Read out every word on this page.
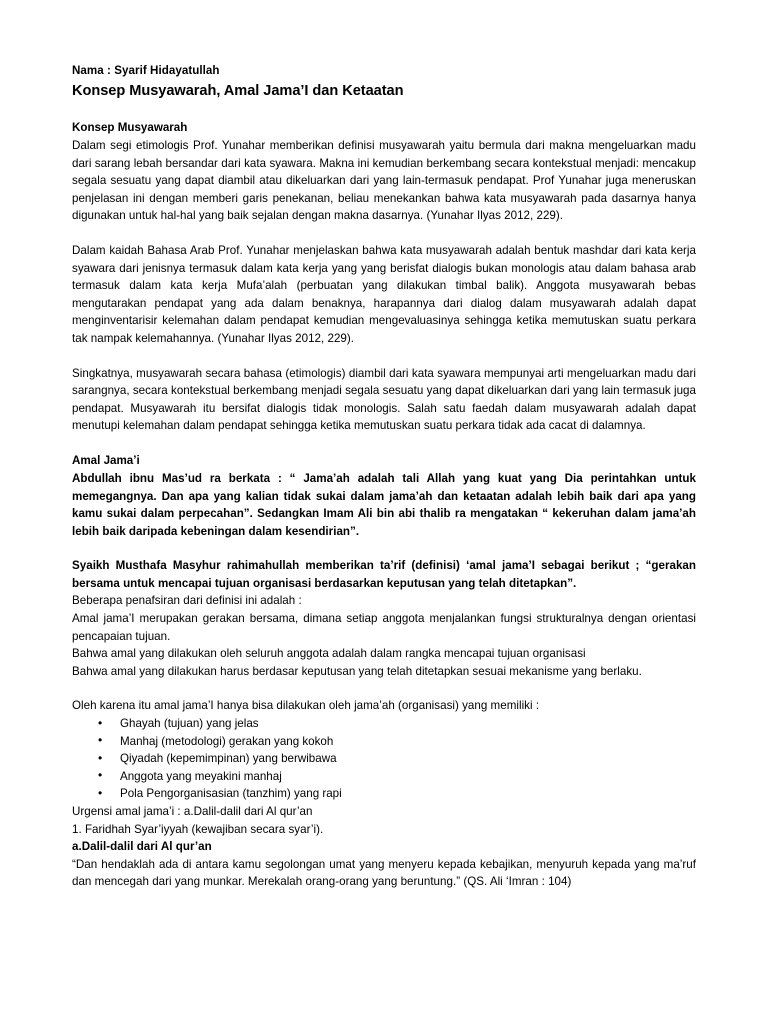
Nama : Syarif Hidayatullah

Konsep Musyawarah, Amal Jama’I dan Ketaatan
Konsep Musyawarah

Dalam segi etimologis Prof. Yunahar memberikan definisi musyawarah yaitu bermula dari makna mengeluarkan madu dari sarang lebah bersandar dari kata syawara. Makna ini kemudian berkembang secara kontekstual menjadi: mencakup segala sesuatu yang dapat diambil atau dikeluarkan dari yang lain-termasuk pendapat. Prof Yunahar juga meneruskan penjelasan ini dengan memberi garis penekanan, beliau menekankan bahwa kata musyawarah pada dasarnya hanya digunakan untuk hal-hal yang baik sejalan dengan makna dasarnya. (Yunahar Ilyas 2012, 229).

Dalam kaidah Bahasa Arab Prof. Yunahar menjelaskan bahwa kata musyawarah adalah bentuk mashdar dari kata kerja syawara dari jenisnya termasuk dalam kata kerja yang yang berisfat dialogis bukan monologis atau dalam bahasa arab termasuk dalam kata kerja Mufa’alah (perbuatan yang dilakukan timbal balik). Anggota musyawarah bebas mengutarakan pendapat yang ada dalam benaknya, harapannya dari dialog dalam musyawarah adalah dapat menginventarisir kelemahan dalam pendapat kemudian mengevaluasinya sehingga ketika memutuskan suatu perkara tak nampak kelemahannya. (Yunahar Ilyas 2012, 229).

Singkatnya, musyawarah secara bahasa (etimologis) diambil dari kata syawara mempunyai arti mengeluarkan madu dari sarangnya, secara kontekstual berkembang menjadi segala sesuatu yang dapat dikeluarkan dari yang lain termasuk juga pendapat. Musyawarah itu bersifat dialogis tidak monologis. Salah satu faedah dalam musyawarah adalah dapat menutupi kelemahan dalam pendapat sehingga ketika memutuskan suatu perkara tidak ada cacat di dalamnya.

Amal Jama’i

Abdullah ibnu Mas’ud ra berkata : “ Jama’ah adalah tali Allah yang kuat yang Dia perintahkan untuk memegangnya. Dan apa yang kalian tidak sukai dalam jama’ah dan ketaatan adalah lebih baik dari apa yang kamu sukai dalam perpecahan”. Sedangkan Imam Ali bin abi thalib ra mengatakan “ kekeruhan dalam jama’ah lebih baik daripada kebeningan dalam kesendirian”.

Syaikh Musthafa Masyhur rahimahullah memberikan ta’rif (definisi) ‘amal jama’I sebagai berikut ; “gerakan bersama untuk mencapai tujuan organisasi berdasarkan keputusan yang telah ditetapkan”.

Beberapa penafsiran dari definisi ini adalah :

Amal jama’I merupakan gerakan bersama, dimana setiap anggota menjalankan fungsi strukturalnya dengan orientasi pencapaian tujuan.

Bahwa amal yang dilakukan oleh seluruh anggota adalah dalam rangka mencapai tujuan organisasi

Bahwa amal yang dilakukan harus berdasar keputusan yang telah ditetapkan sesuai mekanisme yang berlaku.

Oleh karena itu amal jama’I hanya bisa dilakukan oleh jama’ah (organisasi) yang memiliki :

• Ghayah (tujuan) yang jelas
• Manhaj (metodologi) gerakan yang kokoh
• Qiyadah (kepemimpinan) yang berwibawa
• Anggota yang meyakini manhaj
• Pola Pengorganisasian (tanzhim) yang rapi

Urgensi amal jama’i : a.Dalil-dalil dari Al qur’an

1. Faridhah Syar’iyyah (kewajiban secara syar’i).

a.Dalil-dalil dari Al qur’an

“Dan hendaklah ada di antara kamu segolongan umat yang menyeru kepada kebajikan, menyuruh kepada yang ma’ruf dan mencegah dari yang munkar. Merekalah orang-orang yang beruntung.” (QS. Ali ‘Imran : 104)
